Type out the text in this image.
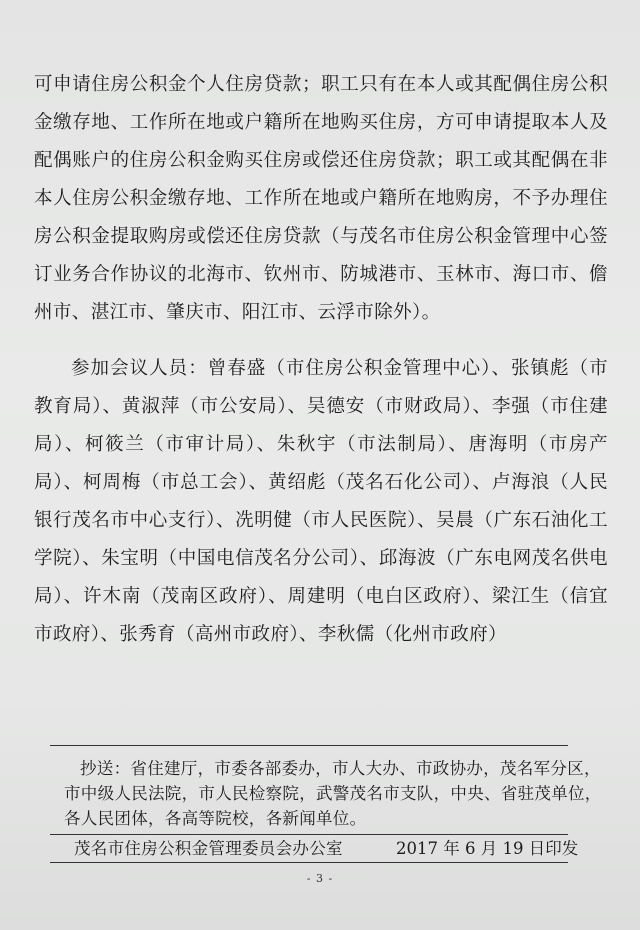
可申请住房公积金个人住房贷款；职工只有在本人或其配偶住房公积金缴存地、工作所在地或户籍所在地购买住房，方可申请提取本人及配偶账户的住房公积金购买住房或偿还住房贷款；职工或其配偶在非本人住房公积金缴存地、工作所在地或户籍所在地购房，不予办理住房公积金提取购房或偿还住房贷款（与茂名市住房公积金管理中心签订业务合作协议的北海市、钦州市、防城港市、玉林市、海口市、儋州市、湛江市、肇庆市、阳江市、云浮市除外）。
参加会议人员：曾春盛（市住房公积金管理中心）、张镇彪（市教育局）、黄淑萍（市公安局）、吴德安（市财政局）、李强（市住建局）、柯筱兰（市审计局）、朱秋宇（市法制局）、唐海明（市房产局）、柯周梅（市总工会）、黄绍彪（茂名石化公司）、卢海浪（人民银行茂名市中心支行）、冼明健（市人民医院）、吴晨（广东石油化工学院）、朱宝明（中国电信茂名分公司）、邱海波（广东电网茂名供电局）、许木南（茂南区政府）、周建明（电白区政府）、梁江生（信宜市政府）、张秀育（高州市政府）、李秋儒（化州市政府）
抄送：省住建厅，市委各部委办，市人大办、市政协办，茂名军分区，
市中级人民法院，市人民检察院，武警茂名市支队，中央、省驻茂单位，
各人民团体，各高等院校，各新闻单位。
茂名市住房公积金管理委员会办公室	2017 年 6 月 19 日印发
- 3 -
